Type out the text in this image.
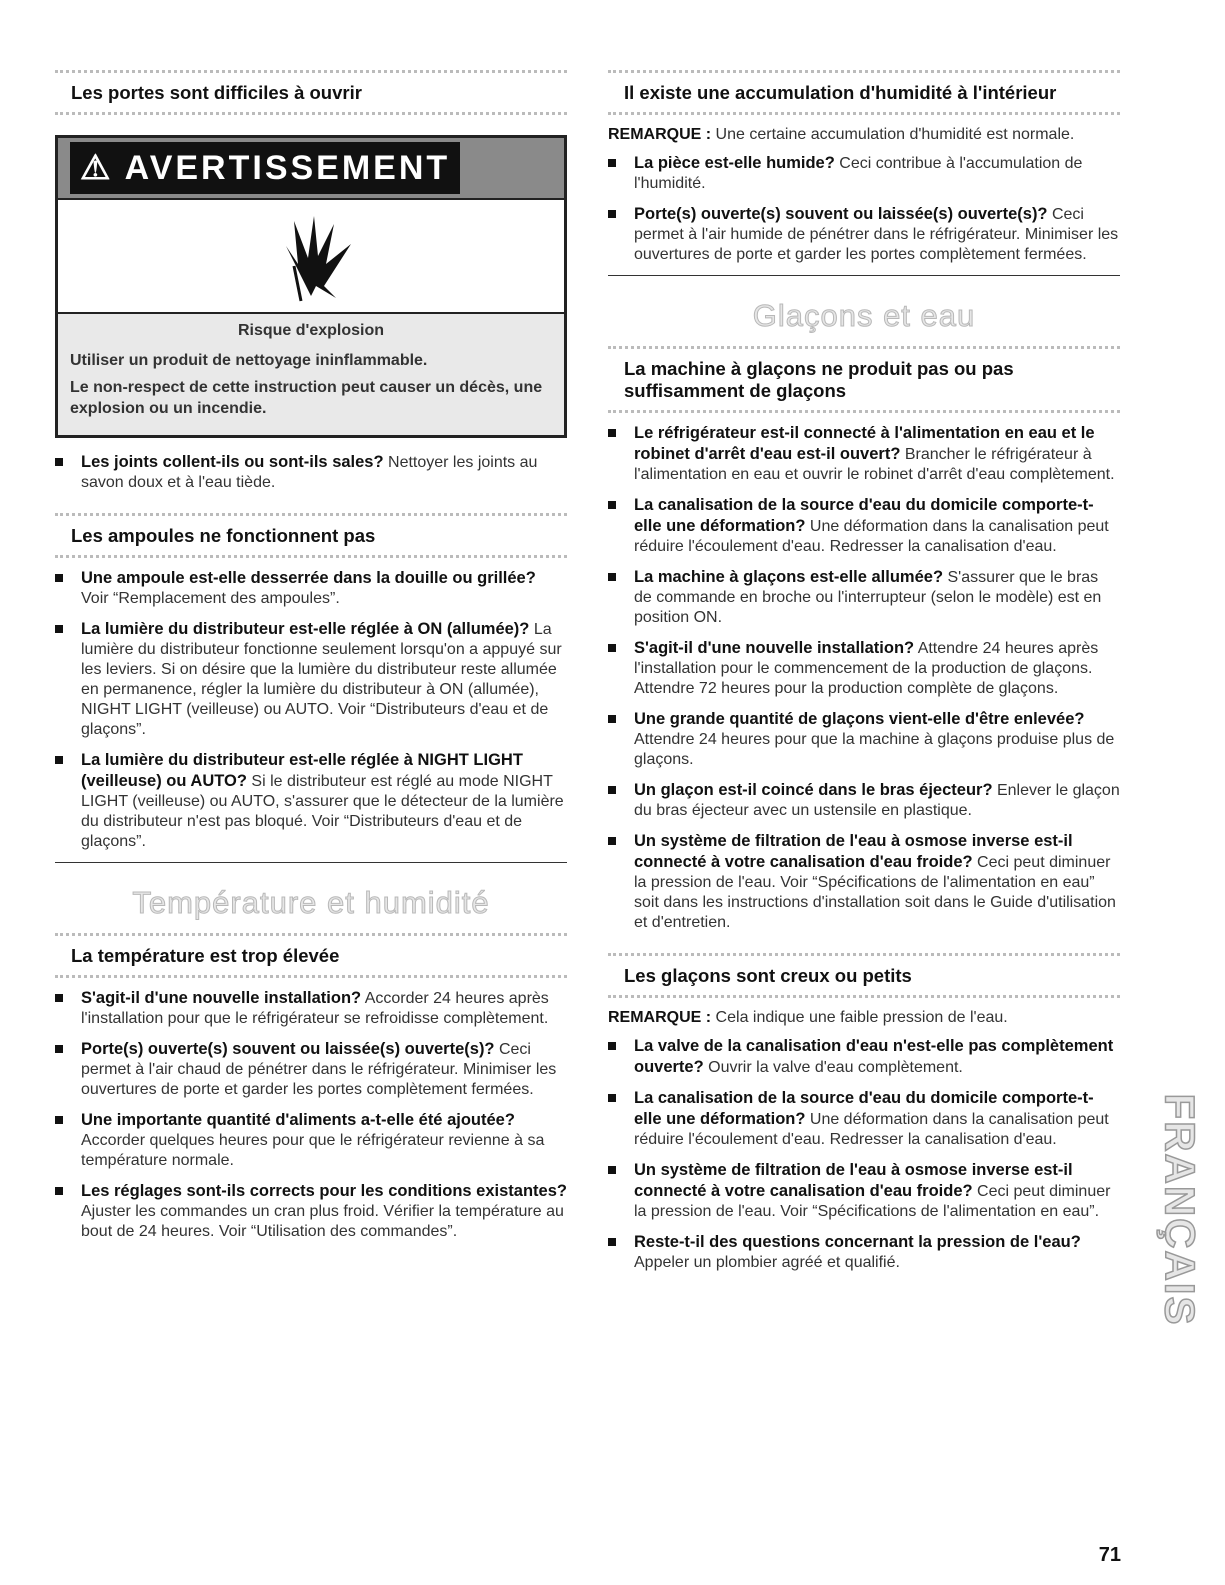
Les portes sont difficiles à ouvrir
⚠ AVERTISSEMENT
Risque d'explosion

Utiliser un produit de nettoyage ininflammable.

Le non-respect de cette instruction peut causer un décès, une explosion ou un incendie.

Les joints collent-ils ou sont-ils sales? Nettoyer les joints au savon doux et à l'eau tiède.
Les ampoules ne fonctionnent pas
Une ampoule est-elle desserrée dans la douille ou grillée? Voir “Remplacement des ampoules”.
La lumière du distributeur est-elle réglée à ON (allumée)? La lumière du distributeur fonctionne seulement lorsqu'on a appuyé sur les leviers. Si on désire que la lumière du distributeur reste allumée en permanence, régler la lumière du distributeur à ON (allumée), NIGHT LIGHT (veilleuse) ou AUTO. Voir “Distributeurs d'eau et de glaçons”.
La lumière du distributeur est-elle réglée à NIGHT LIGHT (veilleuse) ou AUTO? Si le distributeur est réglé au mode NIGHT LIGHT (veilleuse) ou AUTO, s'assurer que le détecteur de la lumière du distributeur n'est pas bloqué. Voir “Distributeurs d'eau et de glaçons”.
Température et humidité
La température est trop élevée
S'agit-il d'une nouvelle installation? Accorder 24 heures après l'installation pour que le réfrigérateur se refroidisse complètement.
Porte(s) ouverte(s) souvent ou laissée(s) ouverte(s)? Ceci permet à l'air chaud de pénétrer dans le réfrigérateur. Minimiser les ouvertures de porte et garder les portes complètement fermées.
Une importante quantité d'aliments a-t-elle été ajoutée? Accorder quelques heures pour que le réfrigérateur revienne à sa température normale.
Les réglages sont-ils corrects pour les conditions existantes? Ajuster les commandes un cran plus froid. Vérifier la température au bout de 24 heures. Voir “Utilisation des commandes”.
Il existe une accumulation d'humidité à l'intérieur

REMARQUE : Une certaine accumulation d'humidité est normale.

La pièce est-elle humide? Ceci contribue à l'accumulation de l'humidité.
Porte(s) ouverte(s) souvent ou laissée(s) ouverte(s)? Ceci permet à l'air humide de pénétrer dans le réfrigérateur. Minimiser les ouvertures de porte et garder les portes complètement fermées.
Glaçons et eau
La machine à glaçons ne produit pas ou pas suffisamment de glaçons
Le réfrigérateur est-il connecté à l'alimentation en eau et le robinet d'arrêt d'eau est-il ouvert? Brancher le réfrigérateur à l'alimentation en eau et ouvrir le robinet d'arrêt d'eau complètement.
La canalisation de la source d'eau du domicile comporte-t-elle une déformation? Une déformation dans la canalisation peut réduire l'écoulement d'eau. Redresser la canalisation d'eau.
La machine à glaçons est-elle allumée? S'assurer que le bras de commande en broche ou l'interrupteur (selon le modèle) est en position ON.
S'agit-il d'une nouvelle installation? Attendre 24 heures après l'installation pour le commencement de la production de glaçons. Attendre 72 heures pour la production complète de glaçons.
Une grande quantité de glaçons vient-elle d'être enlevée? Attendre 24 heures pour que la machine à glaçons produise plus de glaçons.
Un glaçon est-il coincé dans le bras éjecteur? Enlever le glaçon du bras éjecteur avec un ustensile en plastique.
Un système de filtration de l'eau à osmose inverse est-il connecté à votre canalisation d'eau froide? Ceci peut diminuer la pression de l'eau. Voir “Spécifications de l'alimentation en eau” soit dans les instructions d'installation soit dans le Guide d'utilisation et d'entretien.
Les glaçons sont creux ou petits

REMARQUE : Cela indique une faible pression de l'eau.

La valve de la canalisation d'eau n'est-elle pas complètement ouverte? Ouvrir la valve d'eau complètement.
La canalisation de la source d'eau du domicile comporte-t-elle une déformation? Une déformation dans la canalisation peut réduire l'écoulement d'eau. Redresser la canalisation d'eau.
Un système de filtration de l'eau à osmose inverse est-il connecté à votre canalisation d'eau froide? Ceci peut diminuer la pression de l'eau. Voir “Spécifications de l'alimentation en eau”.
Reste-t-il des questions concernant la pression de l'eau? Appeler un plombier agréé et qualifié.	FRANÇAIS
71
